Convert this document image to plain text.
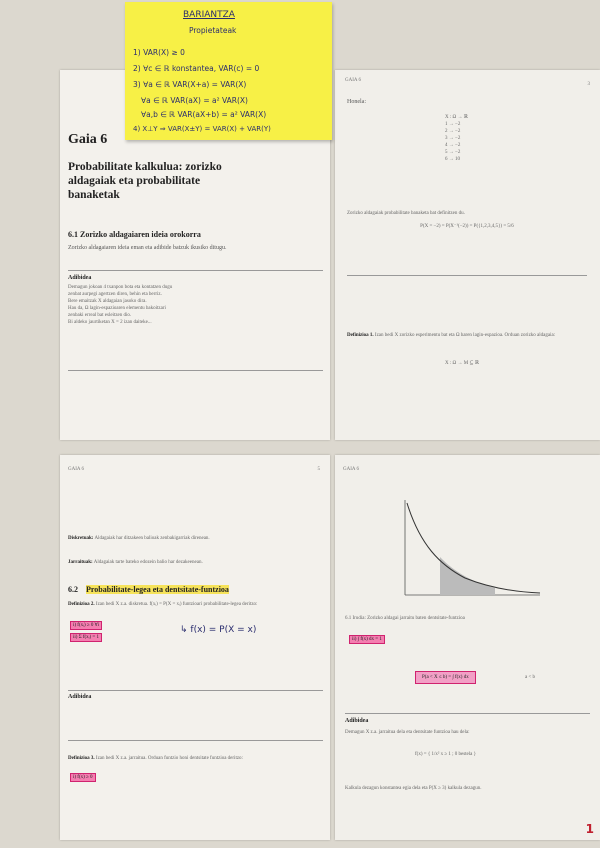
Gaia 6
Probabilitate kalkulua: zorizko
aldagaiak eta probabilitate
banaketak
6.1 Zorizko aldagaiaren ideia orokorra
Zorizko aldagaiaren ideia eman eta adibide batzuk ikusiko ditugu.
Adibidea
Demagun jokoan 4 txanpon bota eta kontatzen dugu
zenbat aurpegi agertzen diren, behin eta berriz.
Bere emaitzak X aldagaian jasoko dira.
Hau da, Ω lagin-espazioaren elementu bakoitzari
zenbaki erreal bat esleitzen dio.
Bi aldeko jaurtiketan X = 2 izan daiteke...
GAIA 6
3
Honela:
X : Ω → ℝ
1 → −2
2 → −2
3 → −2
4 → −2
5 → −2
6 → 10
Zorizko aldagaiak probabilitate banaketa bat definitzen du.
P(X = −2) = P(X⁻¹(−2)) = P({1,2,3,4,5}) = 5/6
Definizioa 1. Izan bedi X zorizko esperimentu bat eta Ω haren lagin-espazioa. Orduan zorizko aldagaia:
X : Ω → M ⊆ ℝ
GAIA 6	5
Diskretuak: Aldagaiak har ditzakeen balioak zenbakigarriak direnean.
Jarraituak: Aldagaiak tarte bateko edozein balio har dezakeenean.
6.2 Probabilitate-legea eta dentsitate-funtzioa
Definizioa 2. Izan bedi X z.a. diskretua. f(xᵢ) = P(X = xᵢ) funtzioari probabilitate-legea deritzo:
i) f(xᵢ) ≥ 0 ∀i
ii) Σ f(xᵢ) = 1
↳ f(x) = P(X = x)
Adibidea
Definizioa 3. Izan bedi X z.a. jarraitua. Orduan funtzio honi dentsitate funtzioa deritzo:
i) f(x) ≥ 0
GAIA 6
6.1 Irudia: Zorizko aldagai jarraitu baten dentsitate-funtzioa
ii) ∫ f(x) dx = 1
P(a < X ≤ b) = ∫ f(x) dx	a < b
Adibidea
Demagun X z.a. jarraitua dela eta dentsitate funtzioa hau dela:
f(x) = { 1/x² x ≥ 1 ; 0 bestela }
Kalkula dezagun konstantea egia dela eta P(X ≥ 3) kalkula dezagun.
1
BARIANTZA
Propietateak
1) VAR(X) ≥ 0
2) ∀c ∈ ℝ konstantea, VAR(c) = 0
3) ∀a ∈ ℝ VAR(X+a) = VAR(X)
∀a ∈ ℝ VAR(aX) = a² VAR(X)
∀a,b ∈ ℝ VAR(aX+b) = a² VAR(X)
4) X⊥Y ⇒ VAR(X±Y) = VAR(X) + VAR(Y)
